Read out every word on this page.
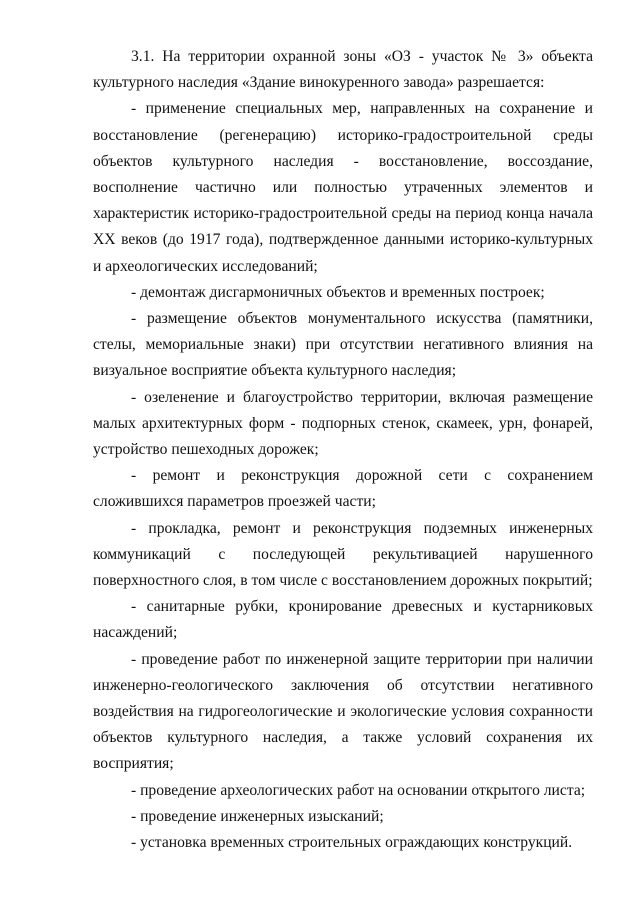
3.1. На территории охранной зоны «ОЗ - участок № 3» объекта культурного наследия «Здание винокуренного завода» разрешается:

- применение специальных мер, направленных на сохранение и восстановление (регенерацию) историко-градостроительной среды объектов культурного наследия - восстановление, воссоздание, восполнение частично или полностью утраченных элементов и характеристик историко-градостроительной среды на период конца начала XX веков (до 1917 года), подтвержденное данными историко-культурных и археологических исследований;

- демонтаж дисгармоничных объектов и временных построек;

- размещение объектов монументального искусства (памятники, стелы, мемориальные знаки) при отсутствии негативного влияния на визуальное восприятие объекта культурного наследия;

- озеленение и благоустройство территории, включая размещение малых архитектурных форм - подпорных стенок, скамеек, урн, фонарей, устройство пешеходных дорожек;

- ремонт и реконструкция дорожной сети с сохранением сложившихся параметров проезжей части;

- прокладка, ремонт и реконструкция подземных инженерных коммуникаций с последующей рекультивацией нарушенного поверхностного слоя, в том числе с восстановлением дорожных покрытий;

- санитарные рубки, кронирование древесных и кустарниковых насаждений;

- проведение работ по инженерной защите территории при наличии инженерно-геологического заключения об отсутствии негативного воздействия на гидрогеологические и экологические условия сохранности объектов культурного наследия, а также условий сохранения их восприятия;

- проведение археологических работ на основании открытого листа;

- проведение инженерных изысканий;

- установка временных строительных ограждающих конструкций.
